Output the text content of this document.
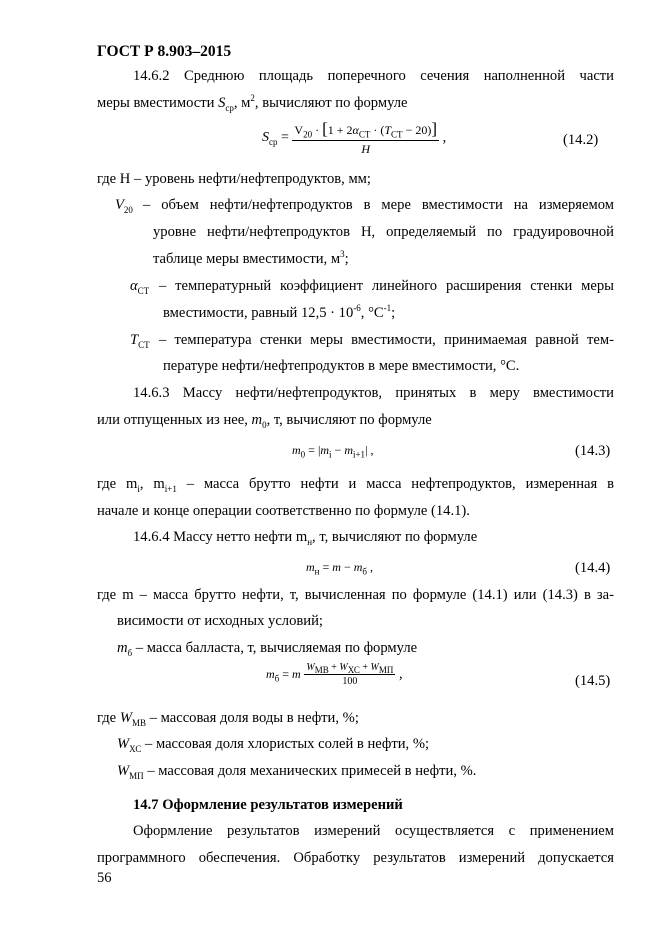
ГОСТ Р 8.903–2015
14.6.2 Среднюю площадь поперечного сечения наполненной части
меры вместимости $S_{ср}$, $м^2$, вычисляют по формуле
$S_{ср} = \frac{V_{20} \cdot [1 + 2\alpha_{СТ} \cdot (T_{СТ} - 20)]}{H}$ ,	(14.2)
где Н – уровень нефти/нефтепродуктов, мм;
$V_{20}$ – объем нефти/нефтепродуктов в мере вместимости на измеряемом
уровне нефти/нефтепродуктов Н, определяемый по градуировочной
таблице меры вместимости, $м^3$;
$\alpha_{СТ}$ – температурный коэффициент линейного расширения стенки меры
вместимости, равный $12,5 \cdot 10^{-6}$, $^\circ С^{-1}$;
$T_{СТ}$ – температура стенки меры вместимости, принимаемая равной тем-
пературе нефти/нефтепродуктов в мере вместимости, °С.
14.6.3 Массу нефти/нефтепродуктов, принятых в меру вместимости
или отпущенных из нее, $m_0$, т, вычисляют по формуле
$m_0 = |m_i - m_{i+1}|$ ,	(14.3)
где $m_i$, $m_{i+1}$ – масса брутто нефти и масса нефтепродуктов, измеренная в
начале и конце операции соответственно по формуле (14.1).
14.6.4 Массу нетто нефти $m_н$, т, вычисляют по формуле
$m_н = m - m_б$ ,	(14.4)
где m – масса брутто нефти, т, вычисленная по формуле (14.1) или (14.3) в за-
висимости от исходных условий;
$m_б$ – масса балласта, т, вычисляемая по формуле
$m_б = m \frac{W_{МВ} + W_{ХС} + W_{МП}}{100}$ ,	(14.5)
где $W_{МВ}$ – массовая доля воды в нефти, %;
$W_{ХС}$ – массовая доля хлористых солей в нефти, %;
$W_{МП}$ – массовая доля механических примесей в нефти, %.
14.7 Оформление результатов измерений
Оформление результатов измерений осуществляется с применением
программного обеспечения. Обработку результатов измерений допускается
56
